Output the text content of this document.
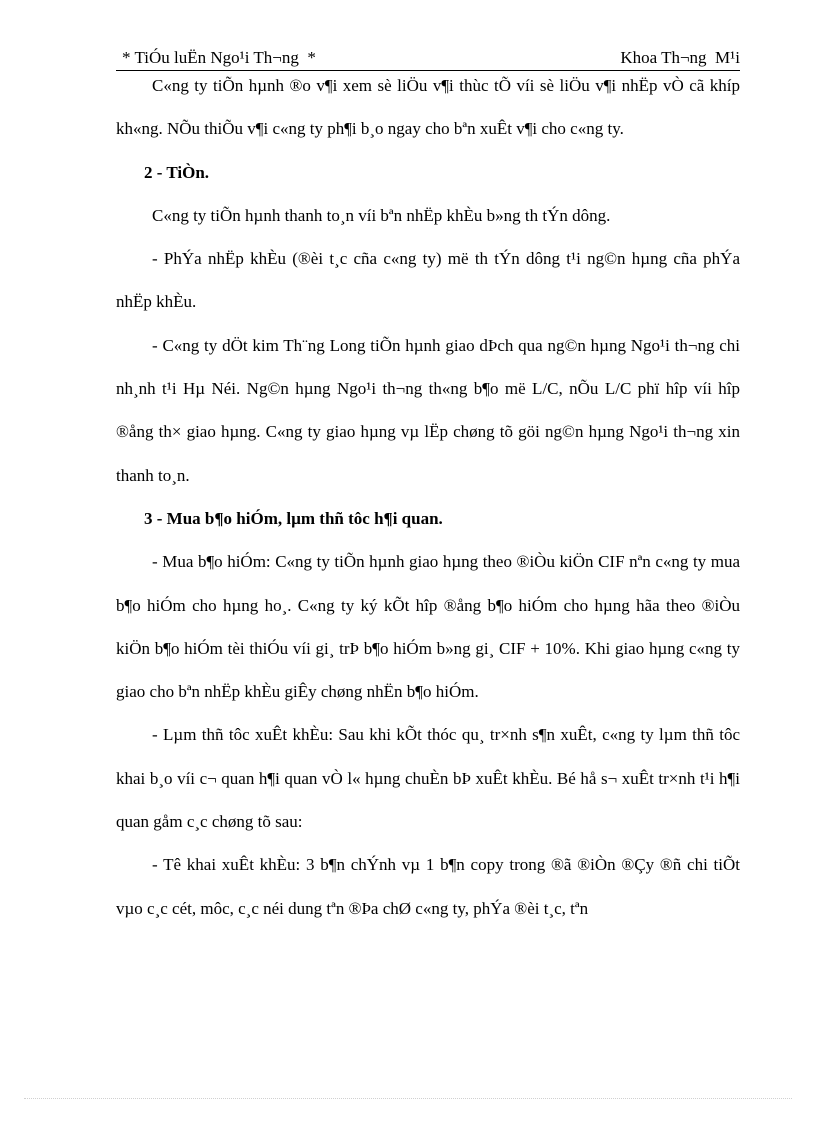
* TiÓu luËn Ngo¹i Th¬ng  *	Khoa Th¬ng  M¹i

C«ng ty tiÕn hµnh ®o v¶i xem sè liÖu v¶i thùc tÕ víi sè liÖu v¶i nhËp vÒ cã khíp kh«ng. NÕu thiÕu v¶i c«ng ty ph¶i b¸o ngay cho bªn xuÊt v¶i cho c«ng ty.

2 - TiÒn.

C«ng ty tiÕn hµnh thanh to¸n víi bªn nhËp khÈu b»ng th tÝn dông.

- PhÝa nhËp khÈu (®èi t¸c cña c«ng ty) më th tÝn dông t¹i ng©n hµng cña phÝa nhËp khÈu.

- C«ng ty dÖt kim Th¨ng Long tiÕn hµnh giao dÞch qua ng©n hµng Ngo¹i th¬ng chi nh¸nh t¹i Hµ Néi. Ng©n hµng Ngo¹i th¬ng th«ng b¶o më L/C, nÕu L/C phï hîp víi hîp ®ång th× giao hµng. C«ng ty giao hµng vµ lËp chøng tõ göi ng©n hµng Ngo¹i th¬ng xin thanh to¸n.

3 - Mua b¶o hiÓm, lµm thñ tôc h¶i quan.

- Mua b¶o hiÓm: C«ng ty tiÕn hµnh giao hµng theo ®iÒu kiÖn CIF nªn c«ng ty mua b¶o hiÓm cho hµng ho¸. C«ng ty ký kÕt hîp ®ång b¶o hiÓm cho hµng hãa theo ®iÒu kiÖn b¶o hiÓm tèi thiÓu víi gi¸ trÞ b¶o hiÓm b»ng gi¸ CIF + 10%. Khi giao hµng c«ng ty giao cho bªn nhËp khÈu giÊy chøng nhËn b¶o hiÓm.

- Lµm thñ tôc xuÊt khÈu: Sau khi kÕt thóc qu¸ tr×nh s¶n xuÊt, c«ng ty lµm thñ tôc khai b¸o víi c¬ quan h¶i quan vÒ l« hµng chuÈn bÞ xuÊt khÈu. Bé hå s¬ xuÊt tr×nh t¹i h¶i quan gåm c¸c chøng tõ sau:

- Tê khai xuÊt khÈu: 3 b¶n chÝnh vµ 1 b¶n copy trong ®ã ®iÒn ®Çy ®ñ chi tiÕt vµo c¸c cét, môc, c¸c néi dung tªn ®Þa chØ c«ng ty, phÝa ®èi t¸c, tªn
